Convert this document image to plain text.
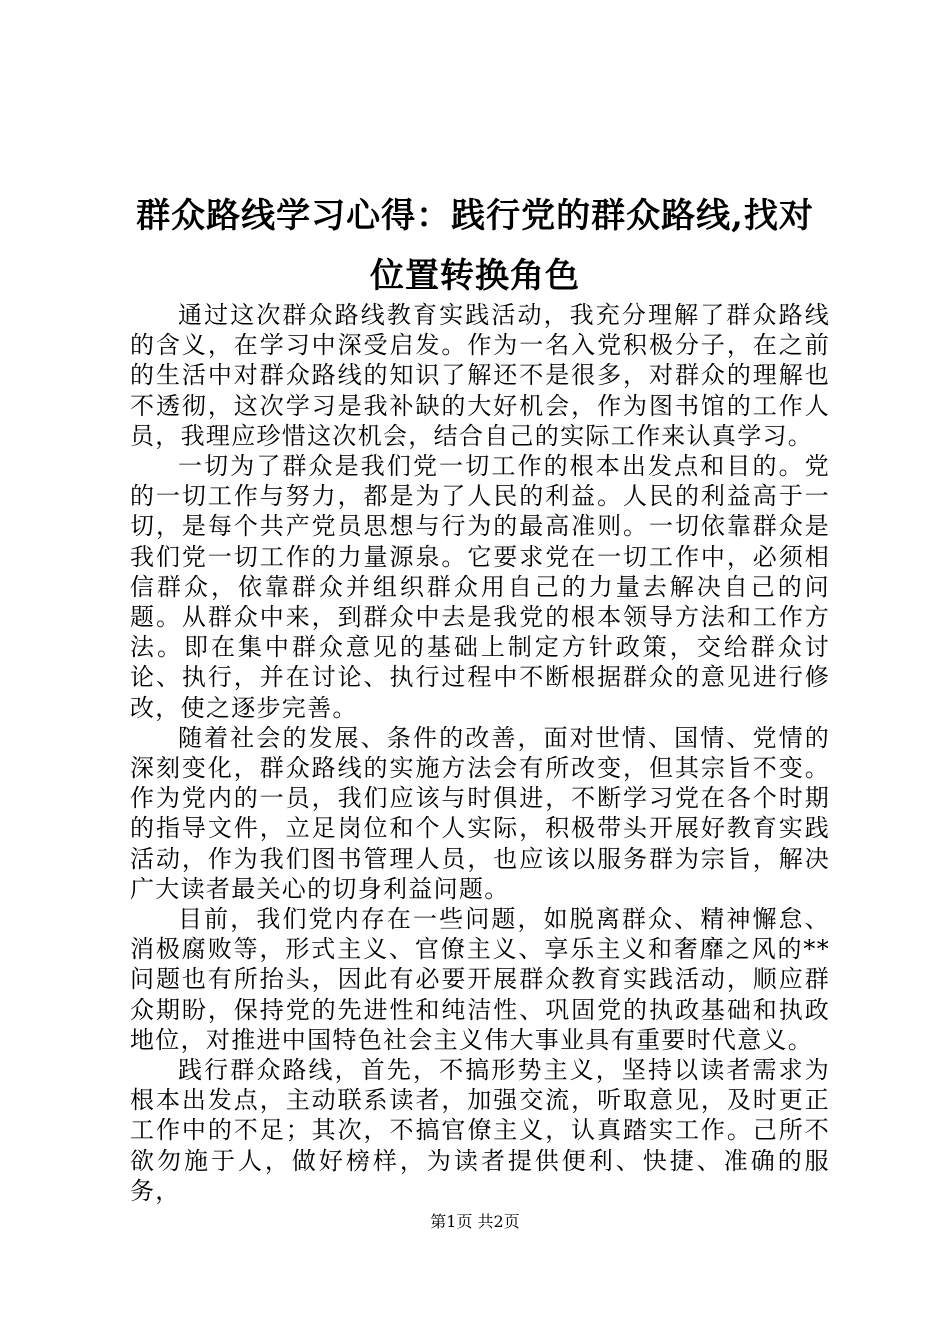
群众路线学习心得：践行党的群众路线,找对位置转换角色

通过这次群众路线教育实践活动，我充分理解了群众路线的含义，在学习中深受启发。作为一名入党积极分子，在之前的生活中对群众路线的知识了解还不是很多，对群众的理解也不透彻，这次学习是我补缺的大好机会，作为图书馆的工作人员，我理应珍惜这次机会，结合自己的实际工作来认真学习。

一切为了群众是我们党一切工作的根本出发点和目的。党的一切工作与努力，都是为了人民的利益。人民的利益高于一切，是每个共产党员思想与行为的最高准则。一切依靠群众是我们党一切工作的力量源泉。它要求党在一切工作中，必须相信群众，依靠群众并组织群众用自己的力量去解决自己的问题。从群众中来，到群众中去是我党的根本领导方法和工作方法。即在集中群众意见的基础上制定方针政策，交给群众讨论、执行，并在讨论、执行过程中不断根据群众的意见进行修改，使之逐步完善。

随着社会的发展、条件的改善，面对世情、国情、党情的深刻变化，群众路线的实施方法会有所改变，但其宗旨不变。作为党内的一员，我们应该与时俱进，不断学习党在各个时期的指导文件，立足岗位和个人实际，积极带头开展好教育实践活动，作为我们图书管理人员，也应该以服务群为宗旨，解决广大读者最关心的切身利益问题。

目前，我们党内存在一些问题，如脱离群众、精神懈怠、消极腐败等，形式主义、官僚主义、享乐主义和奢靡之风的**问题也有所抬头，因此有必要开展群众教育实践活动，顺应群众期盼，保持党的先进性和纯洁性、巩固党的执政基础和执政地位，对推进中国特色社会主义伟大事业具有重要时代意义。

践行群众路线，首先，不搞形势主义，坚持以读者需求为根本出发点，主动联系读者，加强交流，听取意见，及时更正工作中的不足；其次，不搞官僚主义，认真踏实工作。己所不欲勿施于人，做好榜样，为读者提供便利、快捷、准确的服务，

第1页 共2页
